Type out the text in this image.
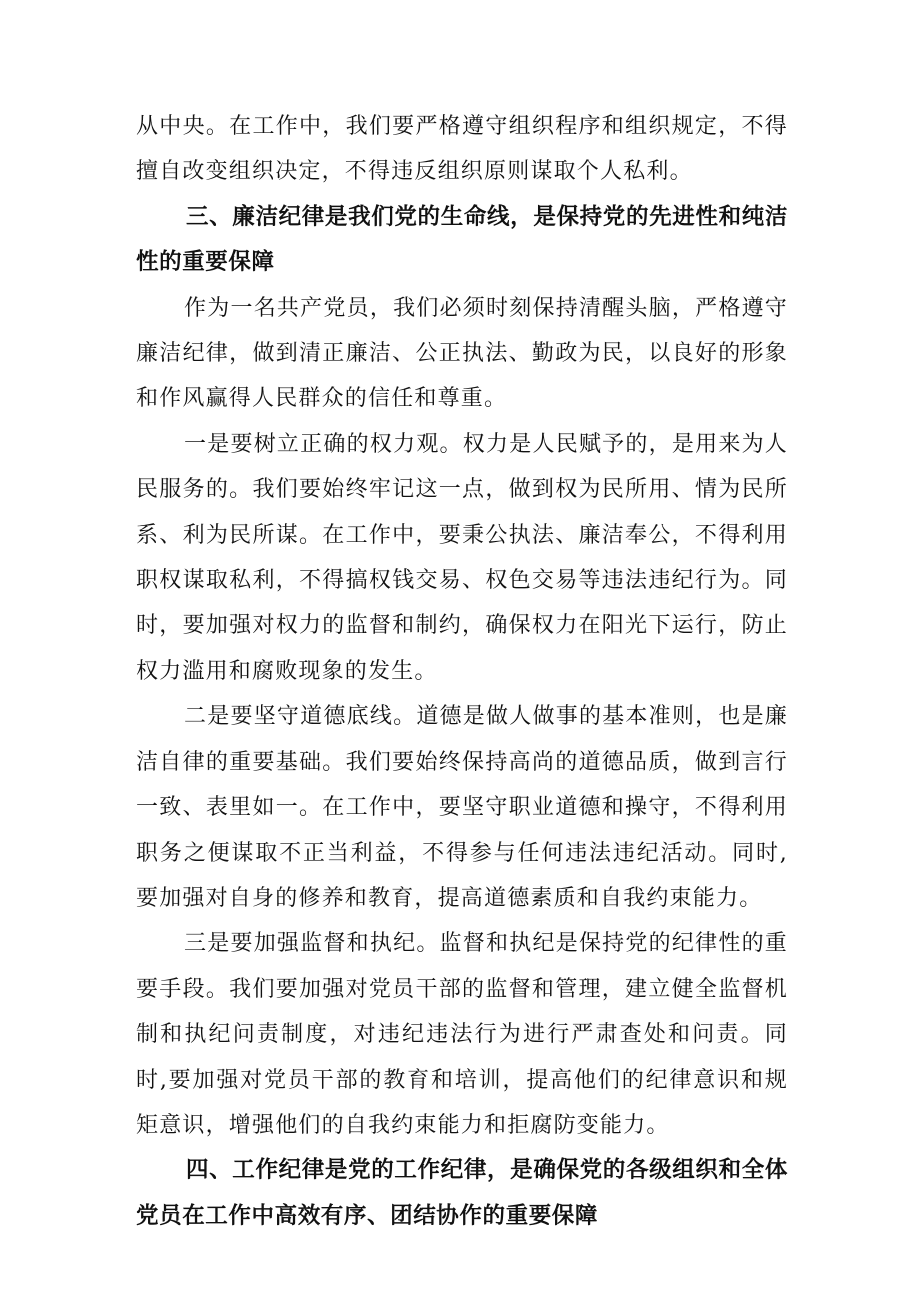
从中央。在工作中，我们要严格遵守组织程序和组织规定，不得擅自改变组织决定，不得违反组织原则谋取个人私利。

三、廉洁纪律是我们党的生命线，是保持党的先进性和纯洁性的重要保障

作为一名共产党员，我们必须时刻保持清醒头脑，严格遵守廉洁纪律，做到清正廉洁、公正执法、勤政为民，以良好的形象和作风赢得人民群众的信任和尊重。

一是要树立正确的权力观。权力是人民赋予的，是用来为人民服务的。我们要始终牢记这一点，做到权为民所用、情为民所系、利为民所谋。在工作中，要秉公执法、廉洁奉公，不得利用职权谋取私利，不得搞权钱交易、权色交易等违法违纪行为。同时，要加强对权力的监督和制约，确保权力在阳光下运行，防止权力滥用和腐败现象的发生。

二是要坚守道德底线。道德是做人做事的基本准则，也是廉洁自律的重要基础。我们要始终保持高尚的道德品质，做到言行一致、表里如一。在工作中，要坚守职业道德和操守，不得利用职务之便谋取不正当利益，不得参与任何违法违纪活动。同时,要加强对自身的修养和教育，提高道德素质和自我约束能力。

三是要加强监督和执纪。监督和执纪是保持党的纪律性的重要手段。我们要加强对党员干部的监督和管理，建立健全监督机制和执纪问责制度，对违纪违法行为进行严肃查处和问责。同时,要加强对党员干部的教育和培训，提高他们的纪律意识和规矩意识，增强他们的自我约束能力和拒腐防变能力。

四、工作纪律是党的工作纪律，是确保党的各级组织和全体党员在工作中高效有序、团结协作的重要保障
